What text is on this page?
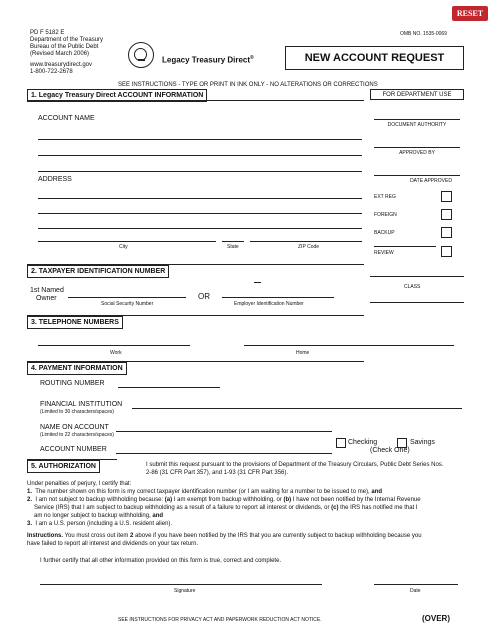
PD F 5182 E
Department of the Treasury
Bureau of the Public Debt
(Revised March 2006)
www.treasurydirect.gov
1-800-722-2678
Legacy Treasury Direct®
RESET
OMB NO. 1535-0069
NEW ACCOUNT REQUEST
SEE INSTRUCTIONS - TYPE OR PRINT IN INK ONLY - NO ALTERATIONS OR CORRECTIONS
1. Legacy Treasury Direct ACCOUNT INFORMATION
ACCOUNT NAME
ADDRESS
City	State	ZIP Code
FOR DEPARTMENT USE
DOCUMENT AUTHORITY
APPROVED BY
DATE APPROVED
EXT REG
FOREIGN
BACKUP
REVIEW
CLASS
2. TAXPAYER IDENTIFICATION NUMBER
1st Named
Owner
Social Security Number
OR
Employer Identification Number
3. TELEPHONE NUMBERS
Work	Home
4. PAYMENT INFORMATION
ROUTING NUMBER
FINANCIAL INSTITUTION
(Limited to 30 characters/spaces)
NAME ON ACCOUNT
(Limited to 22 characters/spaces)
ACCOUNT NUMBER
Checking	Savings
(Check One)
5. AUTHORIZATION	I submit this request pursuant to the provisions of Department of the Treasury Circulars, Public Debt Series Nos.
2-86 (31 CFR Part 357), and 1-93 (31 CFR Part 356).
Under penalties of perjury, I certify that:
1. The number shown on this form is my correct taxpayer identification number (or I am waiting for a number to be issued to me), and
2. I am not subject to backup withholding because: (a) I am exempt from backup withholding, or (b) I have not been notified by the Internal Revenue
Service (IRS) that I am subject to backup withholding as a result of a failure to report all interest or dividends, or (c) the IRS has notified me that I
am no longer subject to backup withholding, and
3. I am a U.S. person (including a U.S. resident alien).
Instructions. You must cross out item 2 above if you have been notified by the IRS that you are currently subject to backup withholding because you
have failed to report all interest and dividends on your tax return.
I further certify that all other information provided on this form is true, correct and complete.
Signature	Date
SEE INSTRUCTIONS FOR PRIVACY ACT AND PAPERWORK REDUCTION ACT NOTICE.	(OVER)
